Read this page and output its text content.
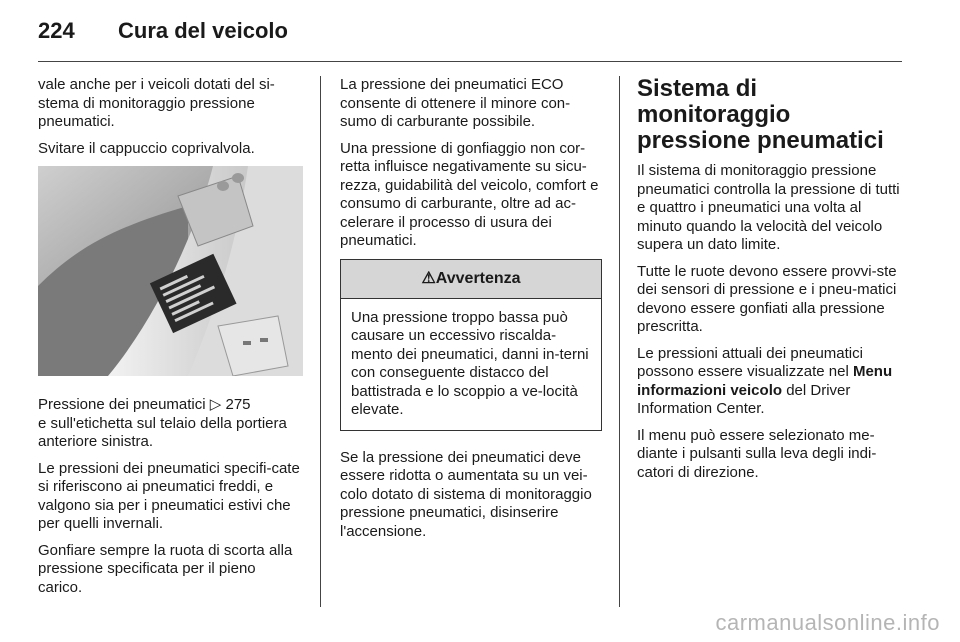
224 Cura del veicolo

vale anche per i veicoli dotati del si-stema di monitoraggio pressione pneumatici.

Svitare il cappuccio coprivalvola.

Pressione dei pneumatici ▷ 275
e sull'etichetta sul telaio della portiera anteriore sinistra.

Le pressioni dei pneumatici specifi-cate si riferiscono ai pneumatici freddi, e valgono sia per i pneumatici estivi che per quelli invernali.

Gonfiare sempre la ruota di scorta alla pressione specificata per il pieno carico.

La pressione dei pneumatici ECO consente di ottenere il minore con-sumo di carburante possibile.

Una pressione di gonfiaggio non cor-retta influisce negativamente su sicu-rezza, guidabilità del veicolo, comfort e consumo di carburante, oltre ad ac-celerare il processo di usura dei pneumatici.

⚠Avvertenza
Una pressione troppo bassa può causare un eccessivo riscalda-mento dei pneumatici, danni in-terni con conseguente distacco del battistrada e lo scoppio a ve-locità elevate.

Se la pressione dei pneumatici deve essere ridotta o aumentata su un vei-colo dotato di sistema di monitoraggio pressione pneumatici, disinserire l'accensione.

Sistema di monitoraggio pressione pneumatici

Il sistema di monitoraggio pressione pneumatici controlla la pressione di tutti e quattro i pneumatici una volta al minuto quando la velocità del veicolo supera un dato limite.

Tutte le ruote devono essere provvi-ste dei sensori di pressione e i pneu-matici devono essere gonfiati alla pressione prescritta.

Le pressioni attuali dei pneumatici possono essere visualizzate nel Menu informazioni veicolo del Driver Information Center.

Il menu può essere selezionato me-diante i pulsanti sulla leva degli indi-catori di direzione.

carmanualsonline.info
